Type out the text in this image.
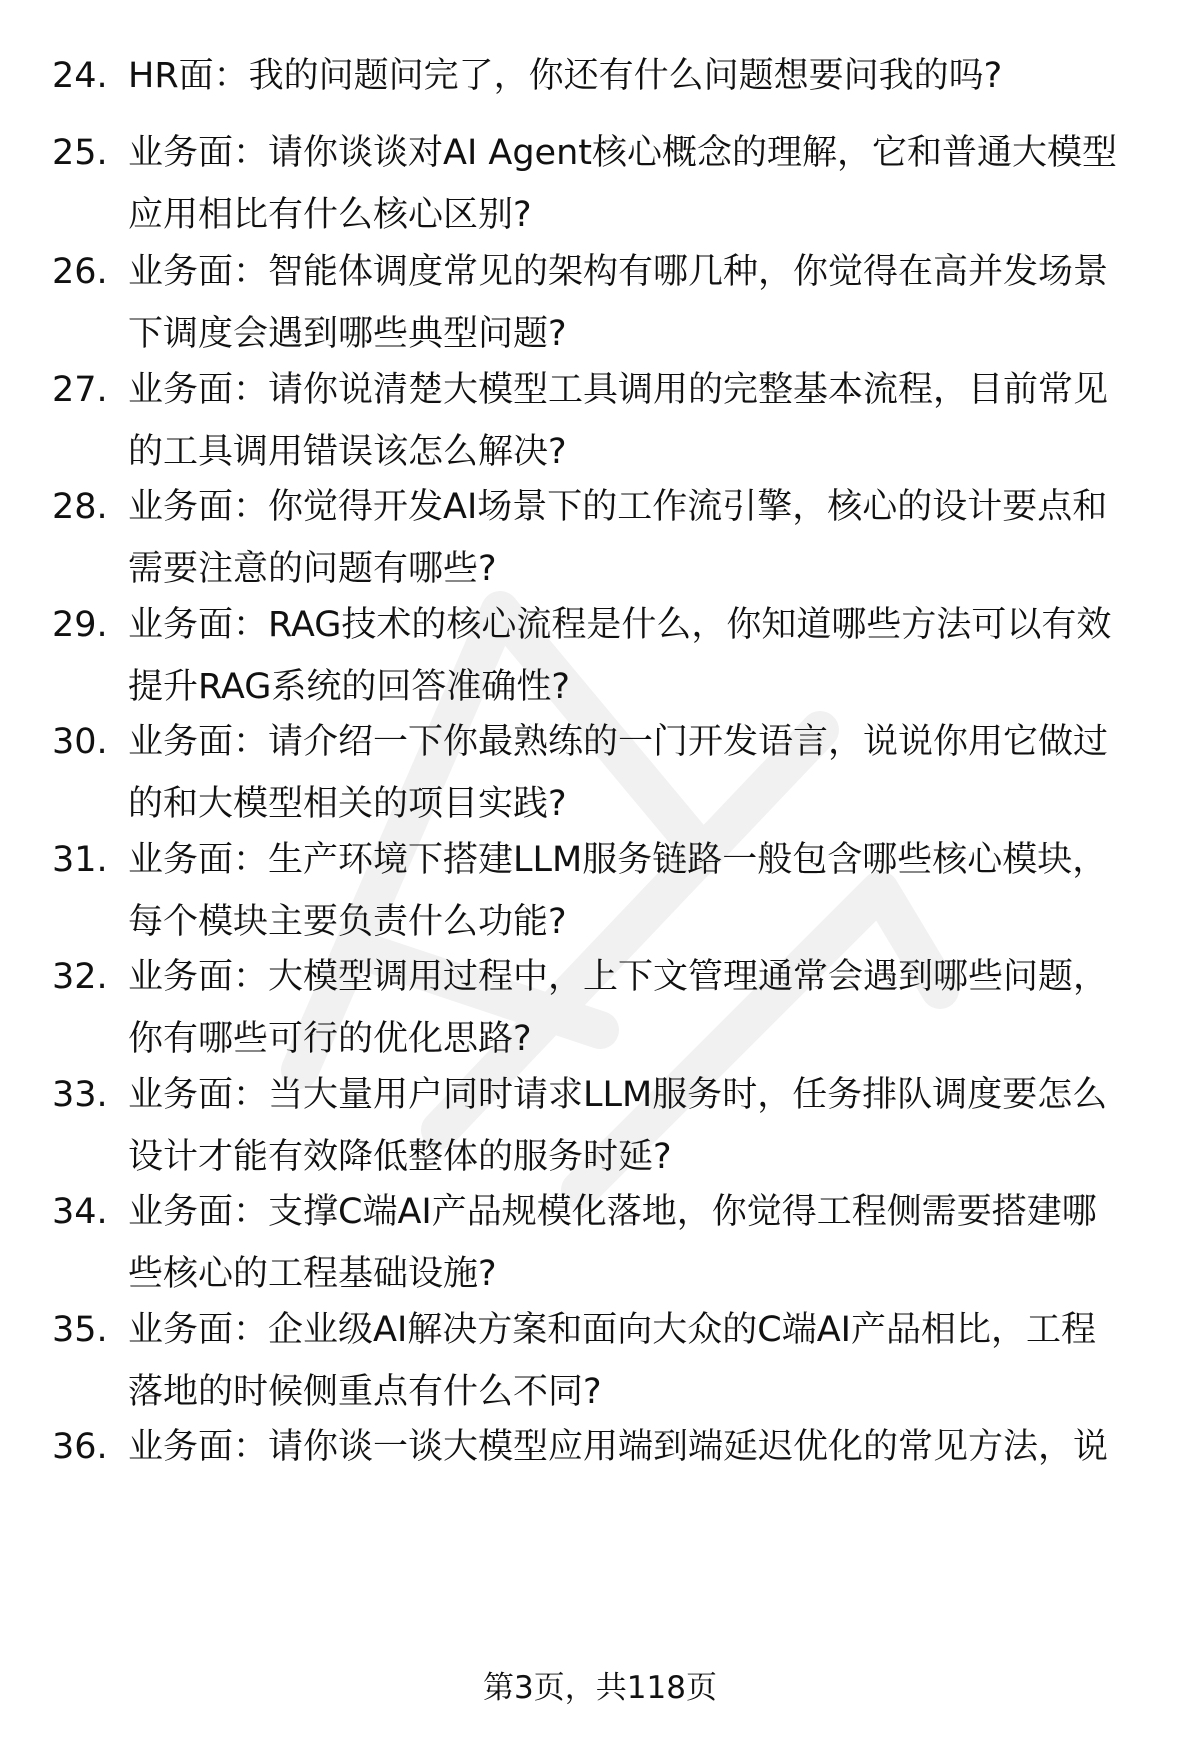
24. HR面：我的问题问完了，你还有什么问题想要问我的吗?
25. 业务面：请你谈谈对AI Agent核心概念的理解，它和普通大模型
应用相比有什么核心区别?
26. 业务面：智能体调度常见的架构有哪几种，你觉得在高并发场景
下调度会遇到哪些典型问题?
27. 业务面：请你说清楚大模型工具调用的完整基本流程，目前常见
的工具调用错误该怎么解决?
28. 业务面：你觉得开发AI场景下的工作流引擎，核心的设计要点和
需要注意的问题有哪些?
29. 业务面：RAG技术的核心流程是什么，你知道哪些方法可以有效
提升RAG系统的回答准确性?
30. 业务面：请介绍一下你最熟练的一门开发语言，说说你用它做过
的和大模型相关的项目实践?
31. 业务面：生产环境下搭建LLM服务链路一般包含哪些核心模块，
每个模块主要负责什么功能?
32. 业务面：大模型调用过程中，上下文管理通常会遇到哪些问题，
你有哪些可行的优化思路?
33. 业务面：当大量用户同时请求LLM服务时，任务排队调度要怎么
设计才能有效降低整体的服务时延?
34. 业务面：支撑C端AI产品规模化落地，你觉得工程侧需要搭建哪
些核心的工程基础设施?
35. 业务面：企业级AI解决方案和面向大众的C端AI产品相比，工程
落地的时候侧重点有什么不同?
36. 业务面：请你谈一谈大模型应用端到端延迟优化的常见方法，说
第3页，共118页
